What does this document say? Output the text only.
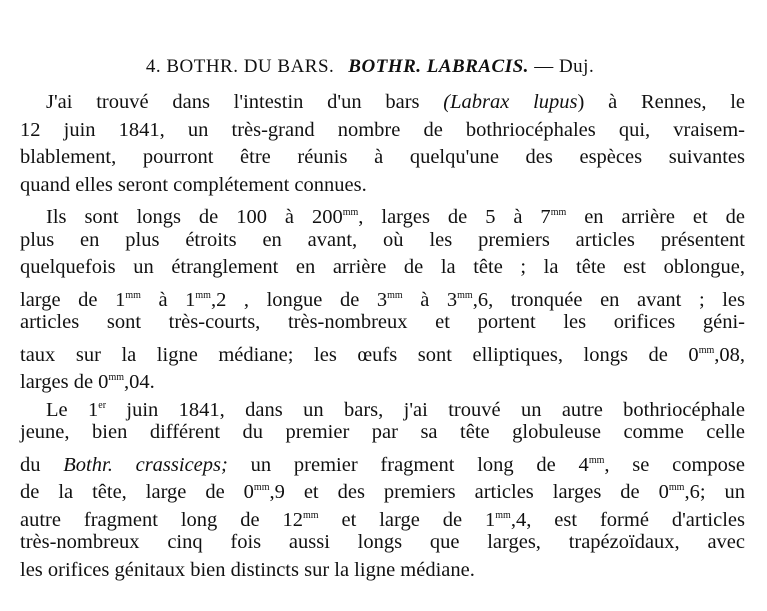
4. BOTHR. DU BARS. BOTHR. LABRACIS. — Duj.
J'ai trouvé dans l'intestin d'un bars (Labrax lupus) à Rennes, le
12 juin 1841, un très-grand nombre de bothriocéphales qui, vraisem-
blablement, pourront être réunis à quelqu'une des espèces suivantes
quand elles seront complétement connues.
Ils sont longs de 100 à $200^{mm}$, larges de 5 à $7^{mm}$ en arrière et de
plus en plus étroits en avant, où les premiers articles présentent
quelquefois un étranglement en arrière de la tête ; la tête est oblongue,
large de $1^{mm}$ à $1^{mm},2$ , longue de $3^{mm}$ à $3^{mm},6$, tronquée en avant ; les
articles sont très-courts, très-nombreux et portent les orifices géni-
taux sur la ligne médiane; les œufs sont elliptiques, longs de $0^{mm},08$,
larges de $0^{mm},04$.
Le 1er juin 1841, dans un bars, j'ai trouvé un autre bothriocéphale
jeune, bien différent du premier par sa tête globuleuse comme celle
du Bothr. crassiceps; un premier fragment long de $4^{mm}$, se compose
de la tête, large de $0^{mm},9$ et des premiers articles larges de $0^{mm},6$; un
autre fragment long de $12^{mm}$ et large de $1^{mm},4$, est formé d'articles
très-nombreux cinq fois aussi longs que larges, trapézoïdaux, avec
les orifices génitaux bien distincts sur la ligne médiane.
